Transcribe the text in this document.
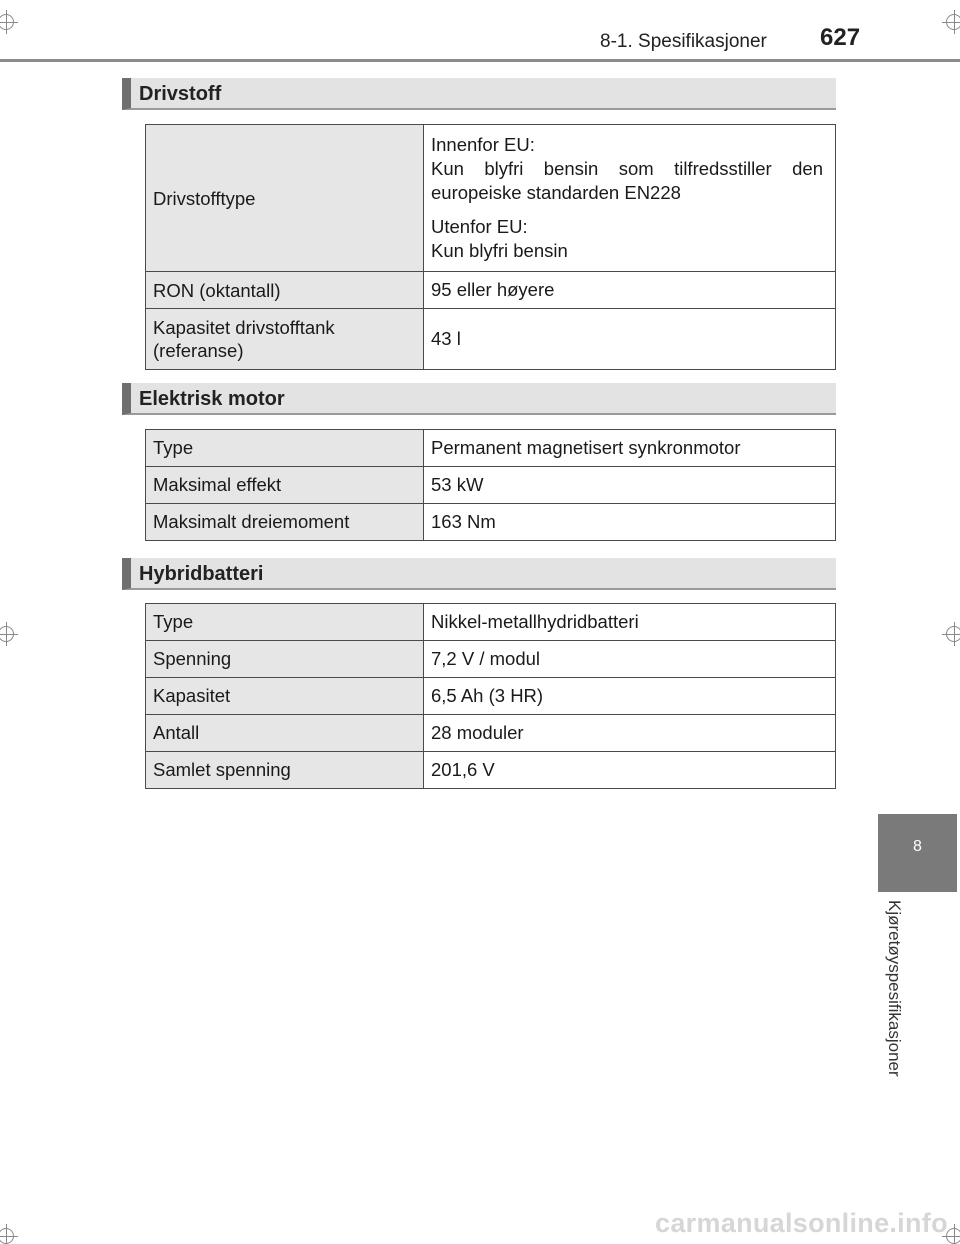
8-1. Spesifikasjoner 627
Drivstoff
Drivstofftype	Innenfor EU:
Kun blyfri bensin som tilfredsstiller den europeiske standarden EN228
Utenfor EU:
Kun blyfri bensin

RON (oktantall)	95 eller høyere
Kapasitet drivstofftank (referanse)	43 l
Elektrisk motor
Type	Permanent magnetisert synkronmotor
Maksimal effekt	53 kW
Maksimalt dreiemoment	163 Nm
Hybridbatteri
Type	Nikkel-metallhydridbatteri
Spenning	7,2 V / modul
Kapasitet	6,5 Ah (3 HR)
Antall	28 moduler
Samlet spenning	201,6 V
8
Kjøretøyspesifikasjoner
carmanualsonline.info
